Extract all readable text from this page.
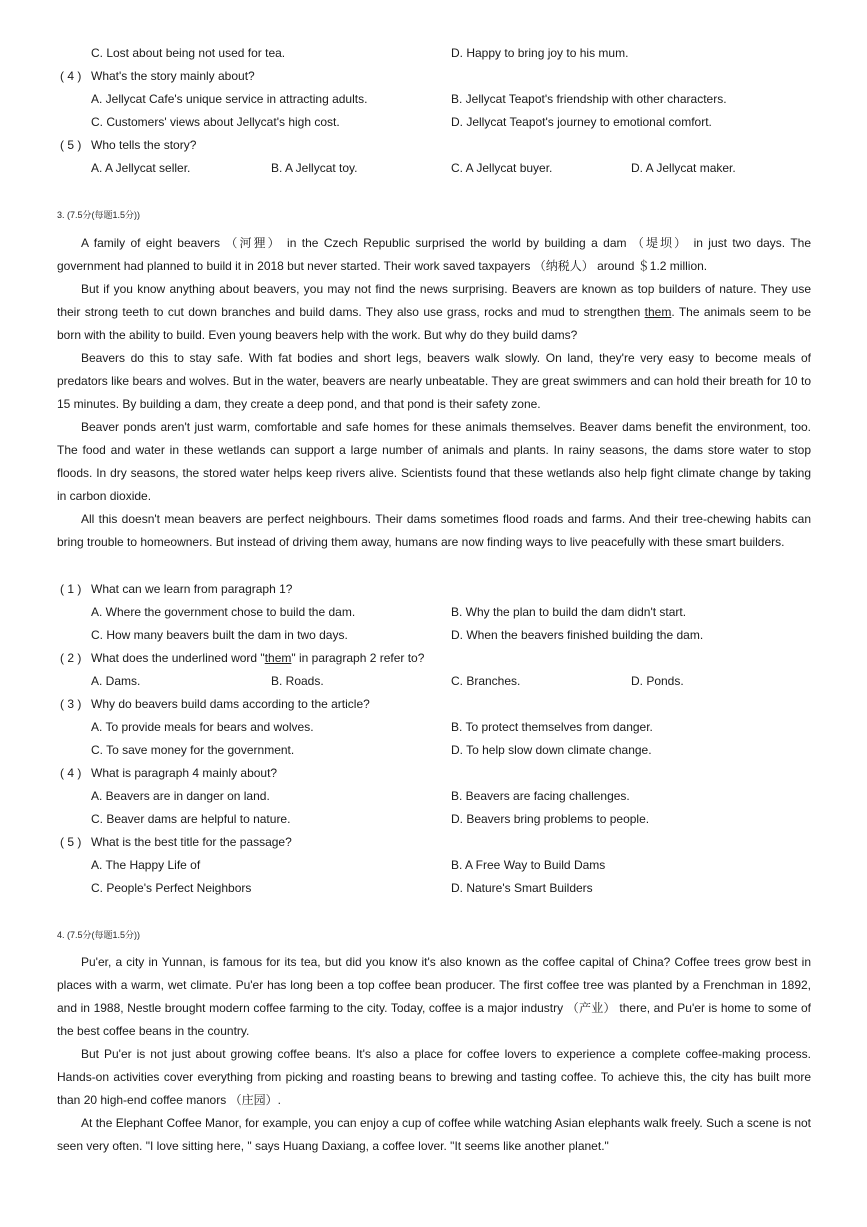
C. Lost about being not used for tea.	D. Happy to bring joy to his mum.
( 4 ) What's the story mainly about?
A. Jellycat Cafe's unique service in attracting adults.	B. Jellycat Teapot's friendship with other characters.
C. Customers' views about Jellycat's high cost.	D. Jellycat Teapot's journey to emotional comfort.
( 5 ) Who tells the story?
A. A Jellycat seller.	B. A Jellycat toy.	C. A Jellycat buyer.	D. A Jellycat maker.
3. (7.5分(每题1.5分))
A family of eight beavers （河狸） in the Czech Republic surprised the world by building a dam （堤坝） in just two days. The government had planned to build it in 2018 but never started. Their work saved taxpayers （纳税人） around ＄1.2 million.
But if you know anything about beavers, you may not find the news surprising. Beavers are known as top builders of nature. They use their strong teeth to cut down branches and build dams. They also use grass, rocks and mud to strengthen them. The animals seem to be born with the ability to build. Even young beavers help with the work. But why do they build dams?
Beavers do this to stay safe. With fat bodies and short legs, beavers walk slowly. On land, they're very easy to become meals of predators like bears and wolves. But in the water, beavers are nearly unbeatable. They are great swimmers and can hold their breath for 10 to 15 minutes. By building a dam, they create a deep pond, and that pond is their safety zone.
Beaver ponds aren't just warm, comfortable and safe homes for these animals themselves. Beaver dams benefit the environment, too. The food and water in these wetlands can support a large number of animals and plants. In rainy seasons, the dams store water to stop floods. In dry seasons, the stored water helps keep rivers alive. Scientists found that these wetlands also help fight climate change by taking in carbon dioxide.
All this doesn't mean beavers are perfect neighbours. Their dams sometimes flood roads and farms. And their tree-chewing habits can bring trouble to homeowners. But instead of driving them away, humans are now finding ways to live peacefully with these smart builders.
( 1 ) What can we learn from paragraph 1?
A. Where the government chose to build the dam.	B. Why the plan to build the dam didn't start.
C. How many beavers built the dam in two days.	D. When the beavers finished building the dam.
( 2 ) What does the underlined word "them" in paragraph 2 refer to?
A. Dams.	B. Roads.	C. Branches.	D. Ponds.
( 3 ) Why do beavers build dams according to the article?
A. To provide meals for bears and wolves.	B. To protect themselves from danger.
C. To save money for the government.	D. To help slow down climate change.
( 4 ) What is paragraph 4 mainly about?
A. Beavers are in danger on land.	B. Beavers are facing challenges.
C. Beaver dams are helpful to nature.	D. Beavers bring problems to people.
( 5 ) What is the best title for the passage?
A. The Happy Life of	B. A Free Way to Build Dams
C. People's Perfect Neighbors	D. Nature's Smart Builders
4. (7.5分(每题1.5分))
Pu'er, a city in Yunnan, is famous for its tea, but did you know it's also known as the coffee capital of China? Coffee trees grow best in places with a warm, wet climate. Pu'er has long been a top coffee bean producer. The first coffee tree was planted by a Frenchman in 1892, and in 1988, Nestle brought modern coffee farming to the city. Today, coffee is a major industry （产业） there, and Pu'er is home to some of the best coffee beans in the country.
But Pu'er is not just about growing coffee beans. It's also a place for coffee lovers to experience a complete coffee-making process. Hands-on activities cover everything from picking and roasting beans to brewing and tasting coffee. To achieve this, the city has built more than 20 high-end coffee manors （庄园）.
At the Elephant Coffee Manor, for example, you can enjoy a cup of coffee while watching Asian elephants walk freely. Such a scene is not seen very often. "I love sitting here, " says Huang Daxiang, a coffee lover. "It seems like another planet."
